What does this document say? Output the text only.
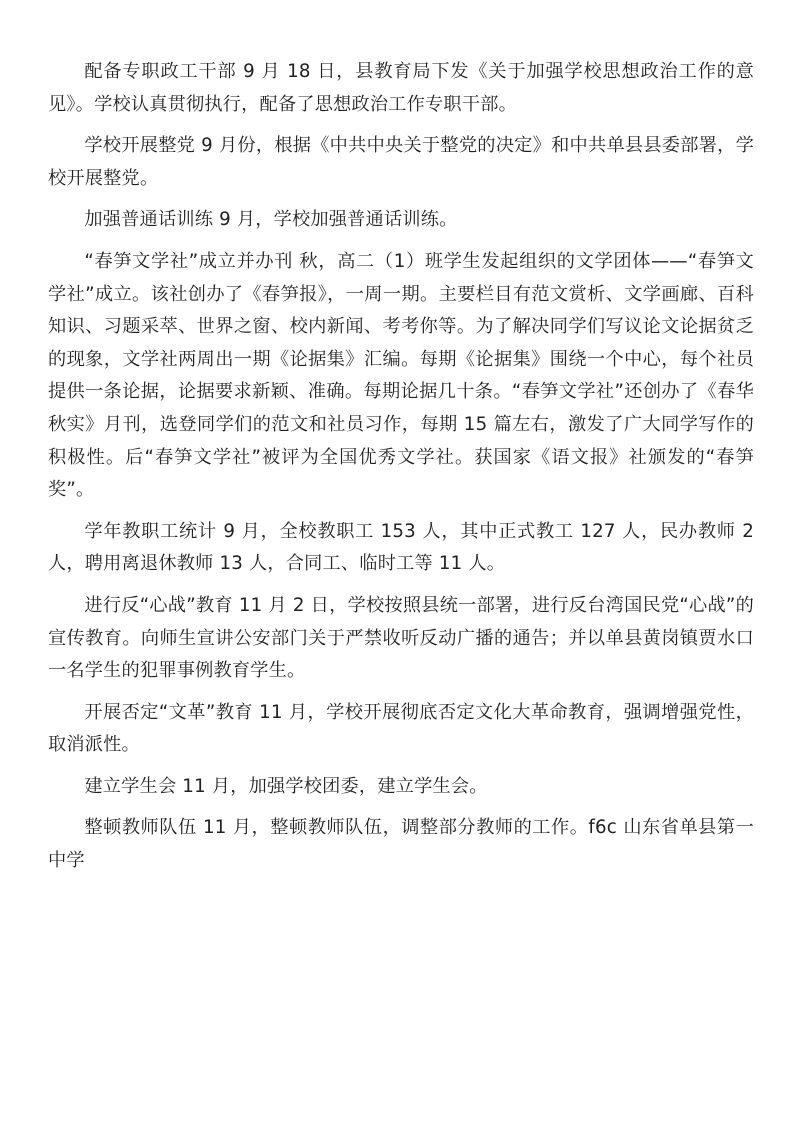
配备专职政工干部 9 月 18 日，县教育局下发《关于加强学校思想政治工作的意见》。学校认真贯彻执行，配备了思想政治工作专职干部。

学校开展整党 9 月份，根据《中共中央关于整党的决定》和中共单县县委部署，学校开展整党。

加强普通话训练 9 月，学校加强普通话训练。

“春笋文学社”成立并办刊 秋，高二（1）班学生发起组织的文学团体——“春笋文学社”成立。该社创办了《春笋报》，一周一期。主要栏目有范文赏析、文学画廊、百科知识、习题采萃、世界之窗、校内新闻、考考你等。为了解决同学们写议论文论据贫乏的现象，文学社两周出一期《论据集》汇编。每期《论据集》围绕一个中心，每个社员提供一条论据，论据要求新颖、准确。每期论据几十条。“春笋文学社”还创办了《春华秋实》月刊，选登同学们的范文和社员习作，每期 15 篇左右，激发了广大同学写作的积极性。后“春笋文学社”被评为全国优秀文学社。获国家《语文报》社颁发的“春笋奖”。

学年教职工统计 9 月，全校教职工 153 人，其中正式教工 127 人，民办教师 2 人，聘用离退休教师 13 人，合同工、临时工等 11 人。

进行反“心战”教育 11 月 2 日，学校按照县统一部署，进行反台湾国民党“心战”的宣传教育。向师生宣讲公安部门关于严禁收听反动广播的通告；并以单县黄岗镇贾水口一名学生的犯罪事例教育学生。

开展否定“文革”教育 11 月，学校开展彻底否定文化大革命教育，强调增强党性，取消派性。

建立学生会 11 月，加强学校团委，建立学生会。

整顿教师队伍 11 月，整顿教师队伍，调整部分教师的工作。f6c 山东省单县第一中学
